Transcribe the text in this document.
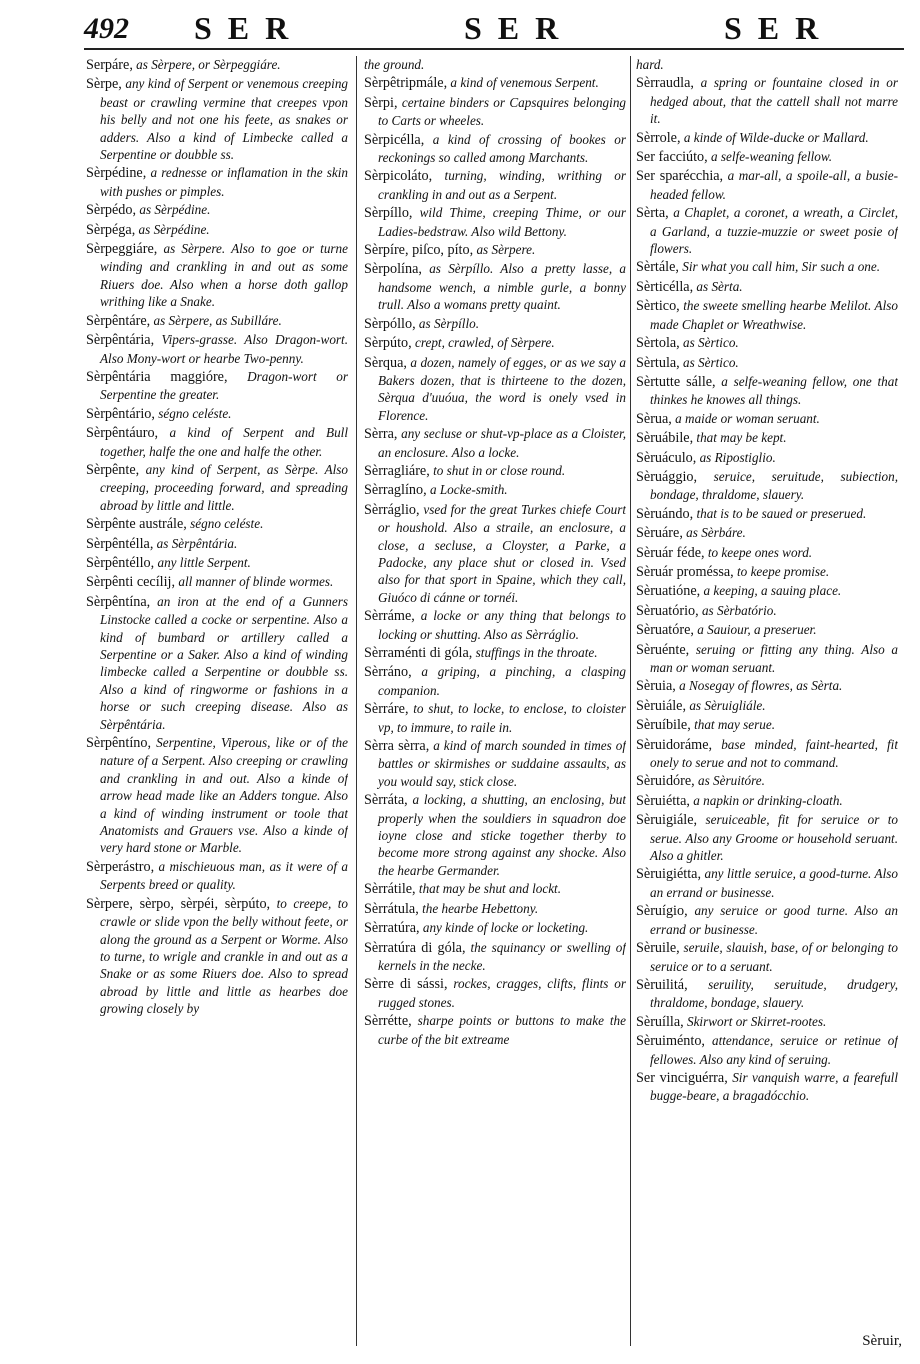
492 SER	SER	SER
Serpáre, as Sèrpere, or Sèrpeggiáre.
Sèrpe, any kind of Serpent or venemous creeping beast or crawling vermine that creepes vpon his belly and not one his feete, as snakes or adders. Also a kind of Limbecke called a Serpentine or doubble ss.
Sèrpédine, a rednesse or inflamation in the skin with pushes or pimples.
Sèrpédo, as Sèrpédine.
Sèrpéga, as Sèrpédine.
Sèrpeggiáre, as Sèrpere. Also to goe or turne winding and crankling in and out as some Riuers doe. Also when a horse doth gallop writhing like a Snake.
Sèrpêntáre, as Sèrpere, as Subilláre.
Sèrpêntária, Vipers-grasse. Also Dragon-wort. Also Mony-wort or hearbe Two-penny.
Sèrpêntária maggióre, Dragon-wort or Serpentine the greater.
Sèrpêntário, ségno celéste.
Sèrpêntáuro, a kind of Serpent and Bull together, halfe the one and halfe the other.
Sèrpênte, any kind of Serpent, as Sèrpe. Also creeping, proceeding forward, and spreading abroad by little and little.
Sèrpênte austrále, ségno celéste.
Sèrpêntélla, as Sèrpêntária.
Sèrpêntéllo, any little Serpent.
Sèrpênti cecílij, all manner of blinde wormes.
Sèrpêntína, an iron at the end of a Gunners Linstocke called a cocke or serpentine. Also a kind of bumbard or artillery called a Serpentine or a Saker. Also a kind of winding limbecke called a Serpentine or doubble ss. Also a kind of ringworme or fashions in a horse or such creeping disease. Also as Sèrpêntária.
Sèrpêntíno, Serpentine, Viperous, like or of the nature of a Serpent. Also creeping or crawling and crankling in and out. Also a kinde of arrow head made like an Adders tongue. Also a kind of winding instrument or toole that Anatomists and Grauers vse. Also a kinde of very hard stone or Marble.
Sèrperástro, a mischieuous man, as it were of a Serpents breed or quality.
Sèrpere, sèrpo, sèrpéi, sèrpúto, to creepe, to crawle or slide vpon the belly without feete, or along the ground as a Serpent or Worme. Also to turne, to wrigle and crankle in and out as a Snake or as some Riuers doe. Also to spread abroad by little and little as hearbes doe growing closely by
the ground.
Sèrpêtripmále, a kind of venemous Serpent.
Sèrpi, certaine binders or Capsquires belonging to Carts or wheeles.
Sèrpicélla, a kind of crossing of bookes or reckonings so called among Marchants.
Sèrpicoláto, turning, winding, writhing or crankling in and out as a Serpent.
Sèrpíllo, wild Thime, creeping Thime, or our Ladies-bedstraw. Also wild Bettony.
Sèrpíre, piſco, píto, as Sèrpere.
Sèrpolína, as Sèrpíllo. Also a pretty lasse, a handsome wench, a nimble gurle, a bonny trull. Also a womans pretty quaint.
Sèrpóllo, as Sèrpíllo.
Sèrpúto, crept, crawled, of Sèrpere.
Sèrqua, a dozen, namely of egges, or as we say a Bakers dozen, that is thirteene to the dozen, Sèrqua d'uuóua, the word is onely vsed in Florence.
Sèrra, any secluse or shut-vp-place as a Cloister, an enclosure. Also a locke.
Sèrragliáre, to shut in or close round.
Sèrraglíno, a Locke-smith.
Sèrráglio, vsed for the great Turkes chiefe Court or houshold. Also a straile, an enclosure, a close, a secluse, a Cloyster, a Parke, a Padocke, any place shut or closed in. Vsed also for that sport in Spaine, which they call, Giuóco di cánne or tornéi.
Sèrráme, a locke or any thing that belongs to locking or shutting. Also as Sèrráglio.
Sèrraménti di góla, stuffings in the throate.
Sèrráno, a griping, a pinching, a clasping companion.
Sèrráre, to shut, to locke, to enclose, to cloister vp, to immure, to raile in.
Sèrra sèrra, a kind of march sounded in times of battles or skirmishes or suddaine assaults, as you would say, stick close.
Sèrráta, a locking, a shutting, an enclosing, but properly when the souldiers in squadron doe ioyne close and sticke together therby to become more strong against any shocke. Also the hearbe Germander.
Sèrrátile, that may be shut and lockt.
Sèrrátula, the hearbe Hebettony.
Sèrratúra, any kinde of locke or locketing.
Sèrratúra di góla, the squinancy or swelling of kernels in the necke.
Sèrre di sássi, rockes, cragges, clifts, flints or rugged stones.
Sèrrétte, sharpe points or buttons to make the curbe of the bit extreame
hard.
Sèrraudla, a spring or fountaine closed in or hedged about, that the cattell shall not marre it.
Sèrrole, a kinde of Wilde-ducke or Mallard.
Ser facciúto, a selfe-weaning fellow.
Ser sparécchia, a mar-all, a spoile-all, a busie-headed fellow.
Sèrta, a Chaplet, a coronet, a wreath, a Circlet, a Garland, a tuzzie-muzzie or sweet posie of flowers.
Sèrtále, Sir what you call him, Sir such a one.
Sèrticélla, as Sèrta.
Sèrtico, the sweete smelling hearbe Melilot. Also made Chaplet or Wreathwise.
Sèrtola, as Sèrtico.
Sèrtula, as Sèrtico.
Sèrtutte sálle, a selfe-weaning fellow, one that thinkes he knowes all things.
Sèrua, a maide or woman seruant.
Sèruábile, that may be kept.
Sèruáculo, as Ripostiglio.
Sèruággio, seruice, seruitude, subiection, bondage, thraldome, slauery.
Sèruándo, that is to be saued or preserued.
Sèruáre, as Sèrbáre.
Sèruár féde, to keepe ones word.
Sèruár proméssa, to keepe promise.
Sèruatióne, a keeping, a sauing place.
Sèruatório, as Sèrbatório.
Sèruatóre, a Sauiour, a preseruer.
Sèruénte, seruing or fitting any thing. Also a man or woman seruant.
Sèruia, a Nosegay of flowres, as Sèrta.
Sèruiále, as Sèruigliále.
Sèruíbile, that may serue.
Sèruidoráme, base minded, faint-hearted, fit onely to serue and not to command.
Sèruidóre, as Sèruitóre.
Sèruiétta, a napkin or drinking-cloath.
Sèruigiále, seruiceable, fit for seruice or to serue. Also any Groome or household seruant. Also a ghitler.
Sèruigiétta, any little seruice, a good-turne. Also an errand or businesse.
Sèruígio, any seruice or good turne. Also an errand or businesse.
Sèruile, seruile, slauish, base, of or belonging to seruice or to a seruant.
Sèruilitá, seruility, seruitude, drudgery, thraldome, bondage, slauery.
Sèruílla, Skirwort or Skirret-rootes.
Sèruiménto, attendance, seruice or retinue of fellowes. Also any kind of seruing.
Ser vinciguérra, Sir vanquish warre, a fearefull bugge-beare, a bragadócchio.
Sèruir,
